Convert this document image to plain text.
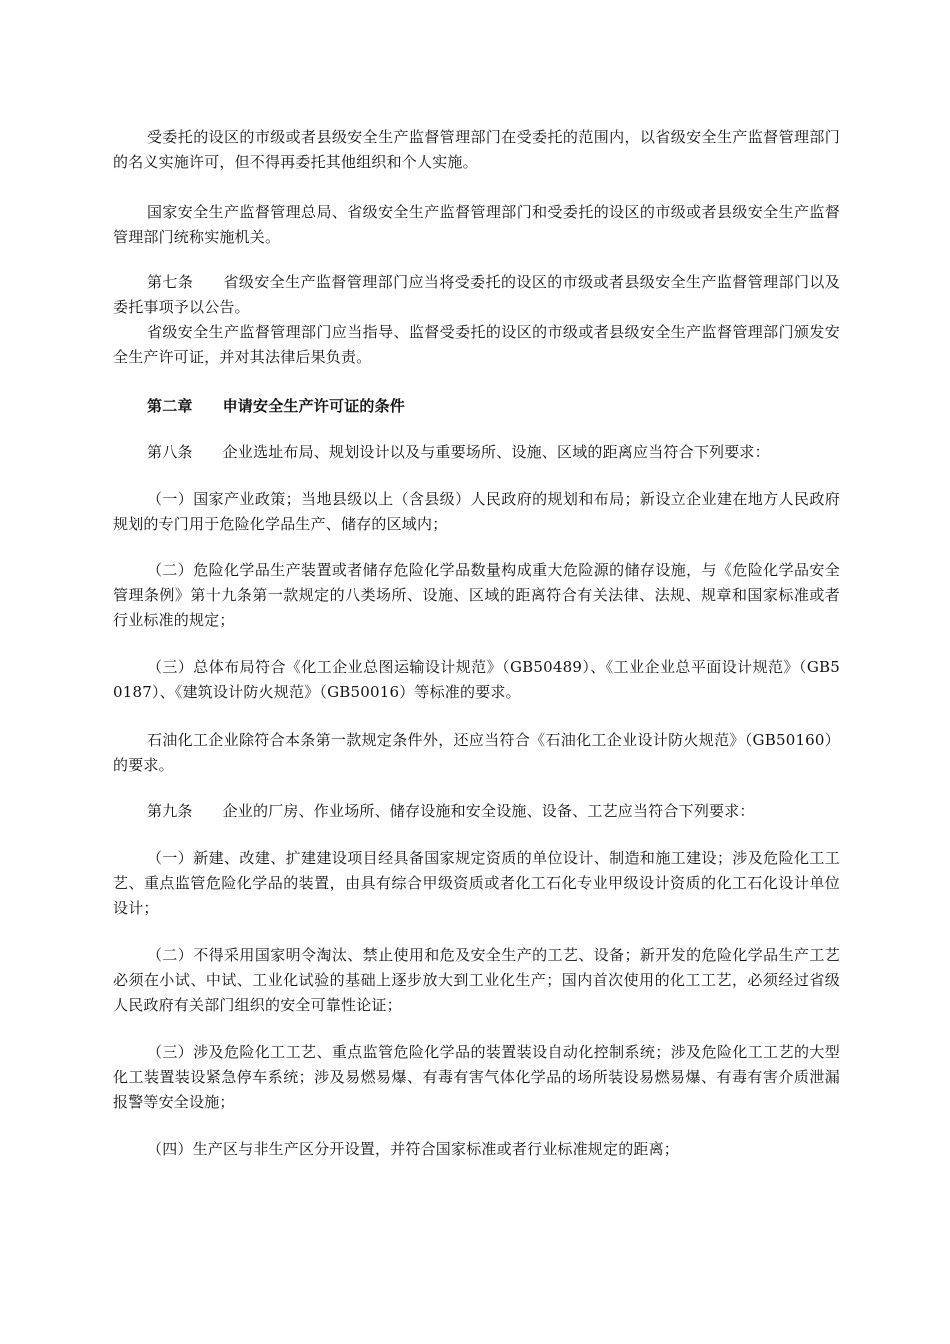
受委托的设区的市级或者县级安全生产监督管理部门在受委托的范围内，以省级安全生产监督管理部门的名义实施许可，但不得再委托其他组织和个人实施。

国家安全生产监督管理总局、省级安全生产监督管理部门和受委托的设区的市级或者县级安全生产监督管理部门统称实施机关。

第七条 省级安全生产监督管理部门应当将受委托的设区的市级或者县级安全生产监督管理部门以及委托事项予以公告。

省级安全生产监督管理部门应当指导、监督受委托的设区的市级或者县级安全生产监督管理部门颁发安全生产许可证，并对其法律后果负责。

第二章 申请安全生产许可证的条件

第八条 企业选址布局、规划设计以及与重要场所、设施、区域的距离应当符合下列要求：

（一）国家产业政策；当地县级以上（含县级）人民政府的规划和布局；新设立企业建在地方人民政府规划的专门用于危险化学品生产、储存的区域内；

（二）危险化学品生产装置或者储存危险化学品数量构成重大危险源的储存设施，与《危险化学品安全管理条例》第十九条第一款规定的八类场所、设施、区域的距离符合有关法律、法规、规章和国家标准或者行业标准的规定；

（三）总体布局符合《化工企业总图运输设计规范》（GB50489）、《工业企业总平面设计规范》（GB50187）、《建筑设计防火规范》（GB50016）等标准的要求。

石油化工企业除符合本条第一款规定条件外，还应当符合《石油化工企业设计防火规范》（GB50160）的要求。

第九条 企业的厂房、作业场所、储存设施和安全设施、设备、工艺应当符合下列要求：

（一）新建、改建、扩建建设项目经具备国家规定资质的单位设计、制造和施工建设；涉及危险化工工艺、重点监管危险化学品的装置，由具有综合甲级资质或者化工石化专业甲级设计资质的化工石化设计单位设计；

（二）不得采用国家明令淘汰、禁止使用和危及安全生产的工艺、设备；新开发的危险化学品生产工艺必须在小试、中试、工业化试验的基础上逐步放大到工业化生产；国内首次使用的化工工艺，必须经过省级人民政府有关部门组织的安全可靠性论证；

（三）涉及危险化工工艺、重点监管危险化学品的装置装设自动化控制系统；涉及危险化工工艺的大型化工装置装设紧急停车系统；涉及易燃易爆、有毒有害气体化学品的场所装设易燃易爆、有毒有害介质泄漏报警等安全设施；

（四）生产区与非生产区分开设置，并符合国家标准或者行业标准规定的距离；
